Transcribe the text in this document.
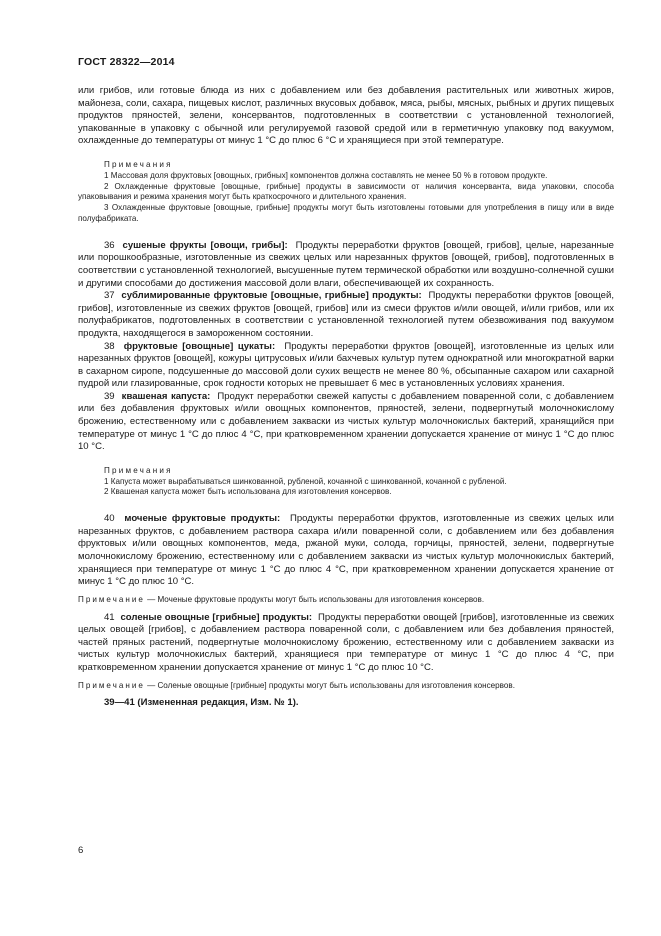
ГОСТ 28322—2014

или грибов, или готовые блюда из них с добавлением или без добавления растительных или животных жиров, майонеза, соли, сахара, пищевых кислот, различных вкусовых добавок, мяса, рыбы, мясных, рыбных и других пищевых продуктов пряностей, зелени, консервантов, подготовленных в соответствии с установленной технологией, упакованные в упаковку с обычной или регулируемой газовой средой или в герметичную упаковку под вакуумом, охлажденные до температуры от минус 1 °С до плюс 6 °С и хранящиеся при этой температуре.

Примечания

1 Массовая доля фруктовых [овощных, грибных] компонентов должна составлять не менее 50 % в готовом продукте.

2 Охлажденные фруктовые [овощные, грибные] продукты в зависимости от наличия консерванта, вида упаковки, способа упаковывания и режима хранения могут быть краткосрочного и длительного хранения.

3 Охлажденные фруктовые [овощные, грибные] продукты могут быть изготовлены готовыми для употребления в пищу или в виде полуфабриката.

36 сушеные фрукты [овощи, грибы]: Продукты переработки фруктов [овощей, грибов], целые, нарезанные или порошкообразные, изготовленные из свежих целых или нарезанных фруктов [овощей, грибов], подготовленных в соответствии с установленной технологией, высушенные путем термической обработки или воздушно-солнечной сушки и другими способами до достижения массовой доли влаги, обеспечивающей их сохранность.

37 сублимированные фруктовые [овощные, грибные] продукты: Продукты переработки фруктов [овощей, грибов], изготовленные из свежих фруктов [овощей, грибов] или из смеси фруктов и/или овощей, и/или грибов, или их полуфабрикатов, подготовленных в соответствии с установленной технологией путем обезвоживания под вакуумом продукта, находящегося в замороженном состоянии.

38 фруктовые [овощные] цукаты: Продукты переработки фруктов [овощей], изготовленные из целых или нарезанных фруктов [овощей], кожуры цитрусовых и/или бахчевых культур путем однократной или многократной варки в сахарном сиропе, подсушенные до массовой доли сухих веществ не менее 80 %, обсыпанные сахаром или сахарной пудрой или глазированные, срок годности которых не превышает 6 мес в установленных условиях хранения.

39 квашеная капуста: Продукт переработки свежей капусты с добавлением поваренной соли, с добавлением или без добавления фруктовых и/или овощных компонентов, пряностей, зелени, подвергнутый молочнокислому брожению, естественному или с добавлением закваски из чистых культур молочнокислых бактерий, хранящийся при температуре от минус 1 °С до плюс 4 °С, при кратковременном хранении допускается хранение от минус 1 °С до плюс 10 °С.

Примечания

1 Капуста может вырабатываться шинкованной, рубленой, кочанной с шинкованной, кочанной с рубленой.

2 Квашеная капуста может быть использована для изготовления консервов.

40 моченые фруктовые продукты: Продукты переработки фруктов, изготовленные из свежих целых или нарезанных фруктов, с добавлением раствора сахара и/или поваренной соли, с добавлением или без добавления фруктовых и/или овощных компонентов, меда, ржаной муки, солода, горчицы, пряностей, зелени, подвергнутые молочнокислому брожению, естественному или с добавлением закваски из чистых культур молочнокислых бактерий, хранящиеся при температуре от минус 1 °С до плюс 4 °С, при кратковременном хранении допускается хранение от минус 1 °С до плюс 10 °С.

Примечание — Моченые фруктовые продукты могут быть использованы для изготовления консервов.

41 соленые овощные [грибные] продукты: Продукты переработки овощей [грибов], изготовленные из свежих целых овощей [грибов], с добавлением раствора поваренной соли, с добавлением или без добавления пряностей, частей пряных растений, подвергнутые молочнокислому брожению, естественному или с добавлением закваски из чистых культур молочнокислых бактерий, хранящиеся при температуре от минус 1 °С до плюс 4 °С, при кратковременном хранении допускается хранение от минус 1 °С до плюс 10 °С.

Примечание — Соленые овощные [грибные] продукты могут быть использованы для изготовления консервов.

39—41 (Измененная редакция, Изм. № 1).
6
